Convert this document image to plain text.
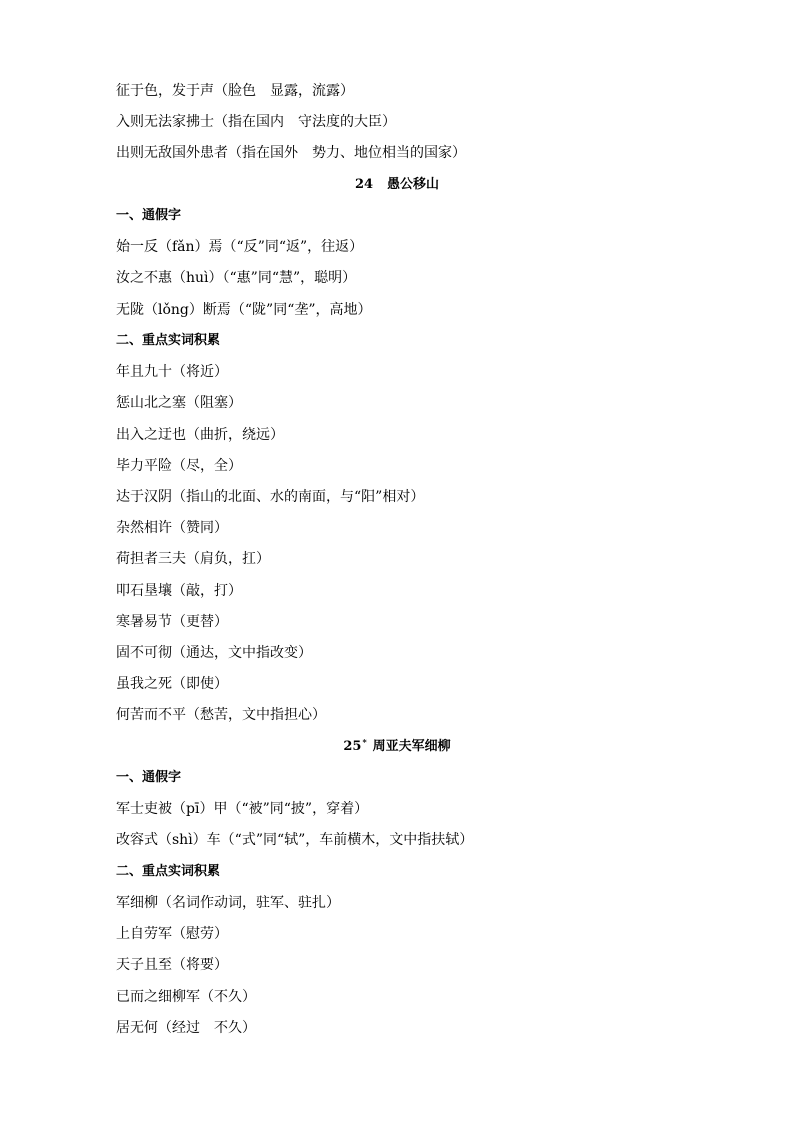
征于色，发于声（脸色　显露，流露）
入则无法家拂士（指在国内　守法度的大臣）
出则无敌国外患者（指在国外　势力、地位相当的国家）
24 愚公移山
一、通假字
始一反（fǎn）焉（“反”同“返”，往返）
汝之不惠（huì）（“惠”同“慧”，聪明）
无陇（lǒng）断焉（“陇”同“垄”，高地）
二、重点实词积累
年且九十（将近）
惩山北之塞（阻塞）
出入之迂也（曲折，绕远）
毕力平险（尽，全）
达于汉阴（指山的北面、水的南面，与“阳”相对）
杂然相许（赞同）
荷担者三夫（肩负，扛）
叩石垦壤（敲，打）
寒暑易节（更替）
固不可彻（通达，文中指改变）
虽我之死（即使）
何苦而不平（愁苦，文中指担心）
25* 周亚夫军细柳
一、通假字
军士吏被（pī）甲（“被”同“披”，穿着）
改容式（shì）车（“式”同“轼”，车前横木，文中指扶轼）
二、重点实词积累
军细柳（名词作动词，驻军、驻扎）
上自劳军（慰劳）
天子且至（将要）
已而之细柳军（不久）
居无何（经过　不久）
